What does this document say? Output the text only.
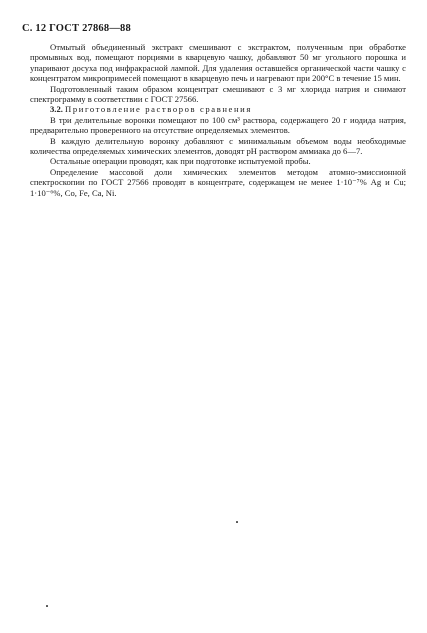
С. 12 ГОСТ 27868—88

Отмытый объединенный экстракт смешивают с экстрактом, полученным при обработке промывных вод, помещают порциями в кварцевую чашку, добавляют 50 мг угольного порошка и упаривают досуха под инфракрасной лампой. Для удаления оставшейся органической части чашку с концентратом микропримесей помещают в кварцевую печь и нагревают при 200°С в течение 15 мин.

Подготовленный таким образом концентрат смешивают с 3 мг хлорида натрия и снимают спектрограмму в соответствии с ГОСТ 27566.

3.2. Приготовление растворов сравнения

В три делительные воронки помещают по 100 см³ раствора, содержащего 20 г иодида натрия, предварительно проверенного на отсутствие определяемых элементов.

В каждую делительную воронку добавляют с минимальным объемом воды необходимые количества определяемых химических элементов, доводят рН раствором аммиака до 6—7.

Остальные операции проводят, как при подготовке испытуемой пробы.

Определение массовой доли химических элементов методом атомно-эмиссионной спектроскопии по ГОСТ 27566 проводят в концентрате, содержащем не менее 1·10⁻⁷% Ag и Cu; 1·10⁻⁶%, Co, Fe, Ca, Ni.
